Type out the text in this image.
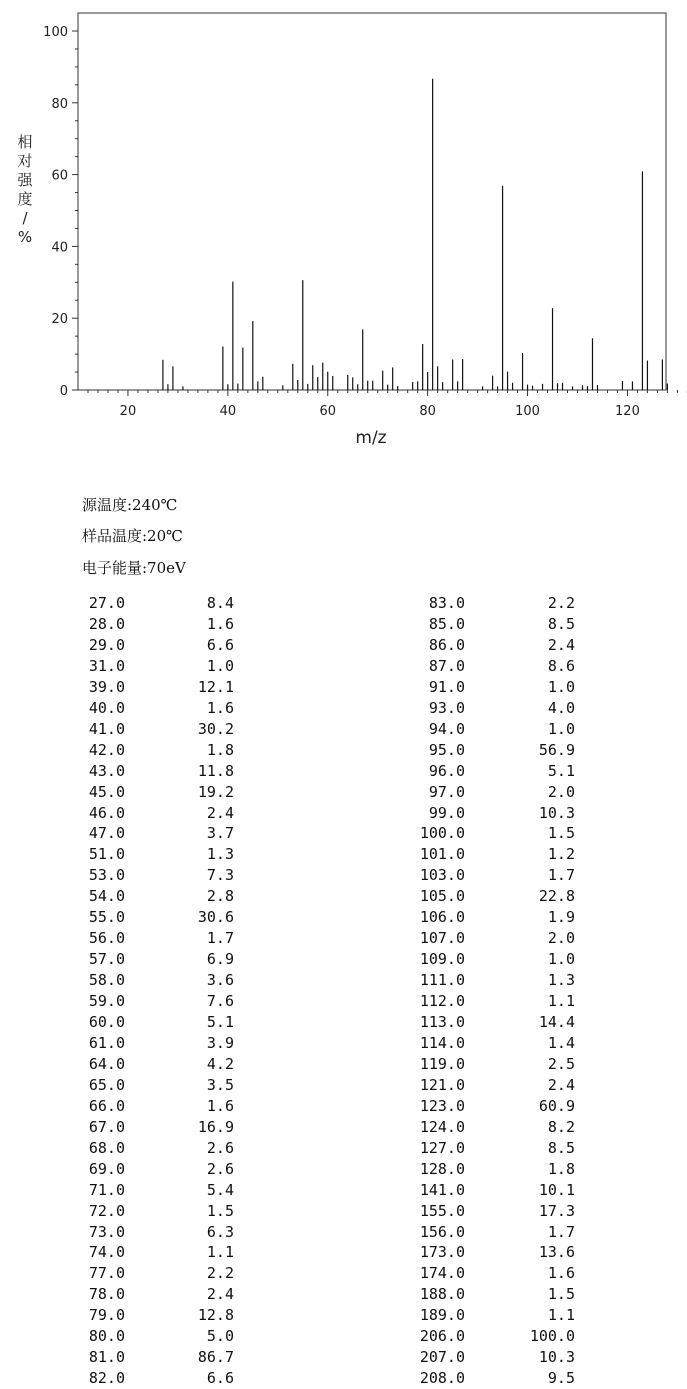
0
20
40
60
80
100
20	40	60	80	100	120
m/z
相
对
强
度
/
%
源温度:240℃
样品温度:20℃
电子能量:70eV
27.0	8.4
28.0	1.6
29.0	6.6
31.0	1.0
39.0	12.1
40.0	1.6
41.0	30.2
42.0	1.8
43.0	11.8
45.0	19.2
46.0	2.4
47.0	3.7
51.0	1.3
53.0	7.3
54.0	2.8
55.0	30.6
56.0	1.7
57.0	6.9
58.0	3.6
59.0	7.6
60.0	5.1
61.0	3.9
64.0	4.2
65.0	3.5
66.0	1.6
67.0	16.9
68.0	2.6
69.0	2.6
71.0	5.4
72.0	1.5
73.0	6.3
74.0	1.1
77.0	2.2
78.0	2.4
79.0	12.8
80.0	5.0
81.0	86.7
82.0	6.6
83.0	2.2
85.0	8.5
86.0	2.4
87.0	8.6
91.0	1.0
93.0	4.0
94.0	1.0
95.0	56.9
96.0	5.1
97.0	2.0
99.0	10.3
100.0	1.5
101.0	1.2
103.0	1.7
105.0	22.8
106.0	1.9
107.0	2.0
109.0	1.0
111.0	1.3
112.0	1.1
113.0	14.4
114.0	1.4
119.0	2.5
121.0	2.4
123.0	60.9
124.0	8.2
127.0	8.5
128.0	1.8
141.0	10.1
155.0	17.3
156.0	1.7
173.0	13.6
174.0	1.6
188.0	1.5
189.0	1.1
206.0	100.0
207.0	10.3
208.0	9.5
